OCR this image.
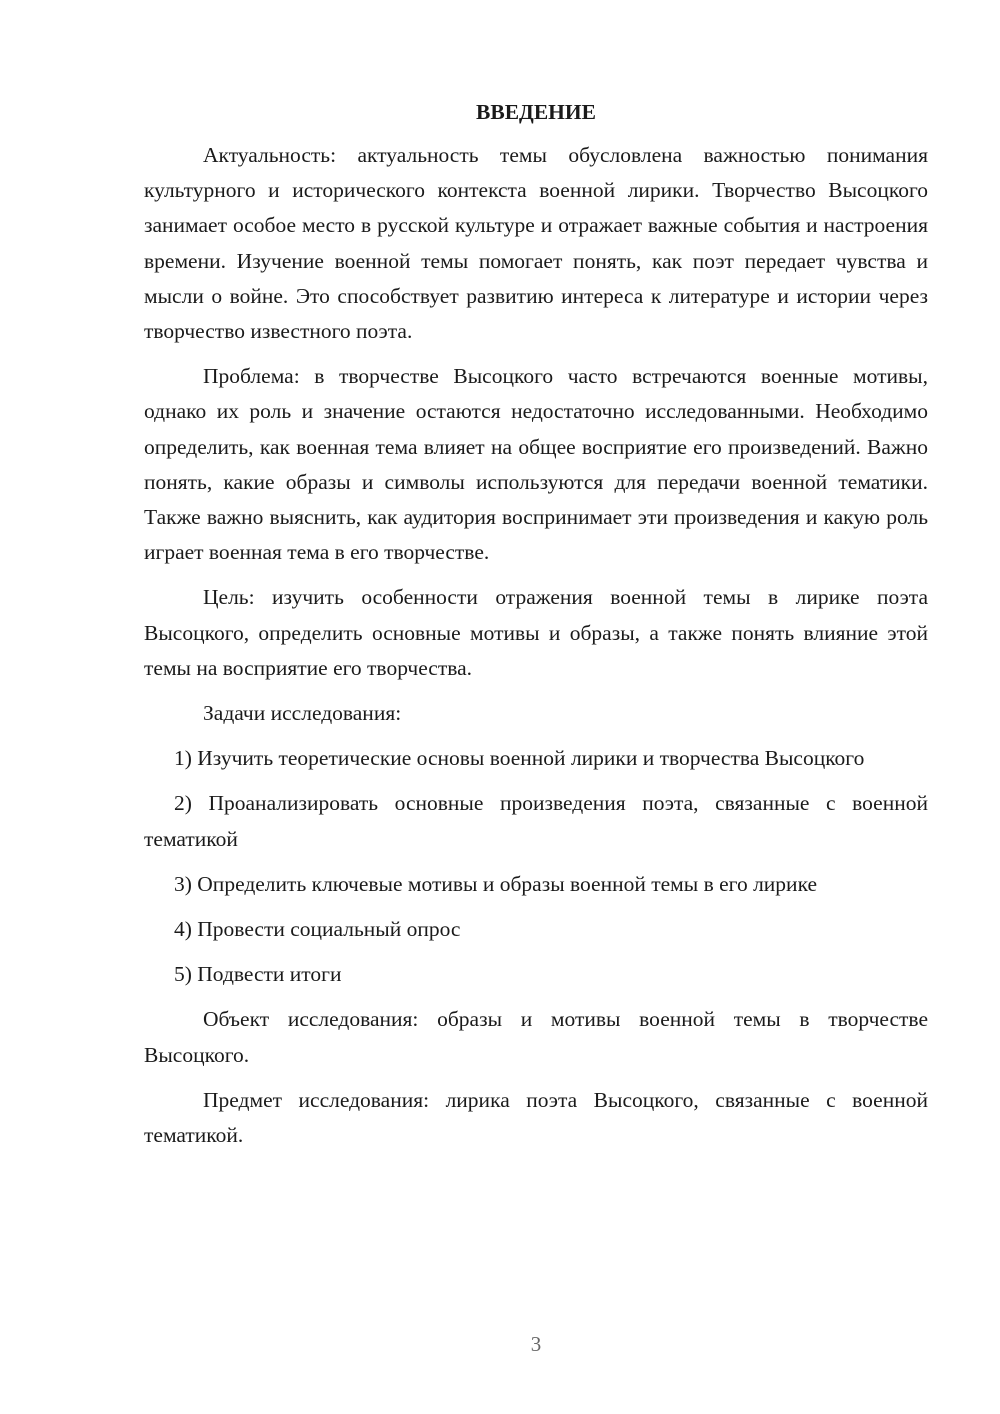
ВВЕДЕНИЕ

Актуальность: актуальность темы обусловлена важностью понимания культурного и исторического контекста военной лирики. Творчество Высоцкого занимает особое место в русской культуре и отражает важные события и настроения времени. Изучение военной темы помогает понять, как поэт передает чувства и мысли о войне. Это способствует развитию интереса к литературе и истории через творчество известного поэта.

Проблема: в творчестве Высоцкого часто встречаются военные мотивы, однако их роль и значение остаются недостаточно исследованными. Необходимо определить, как военная тема влияет на общее восприятие его произведений. Важно понять, какие образы и символы используются для передачи военной тематики. Также важно выяснить, как аудитория воспринимает эти произведения и какую роль играет военная тема в его творчестве.

Цель: изучить особенности отражения военной темы в лирике поэта Высоцкого, определить основные мотивы и образы, а также понять влияние этой темы на восприятие его творчества.

Задачи исследования:

1) Изучить теоретические основы военной лирики и творчества Высоцкого

2) Проанализировать основные произведения поэта, связанные с военной тематикой

3) Определить ключевые мотивы и образы военной темы в его лирике

4) Провести социальный опрос

5) Подвести итоги

Объект исследования: образы и мотивы военной темы в творчестве Высоцкого.

Предмет исследования: лирика поэта Высоцкого, связанные с военной тематикой.

3
